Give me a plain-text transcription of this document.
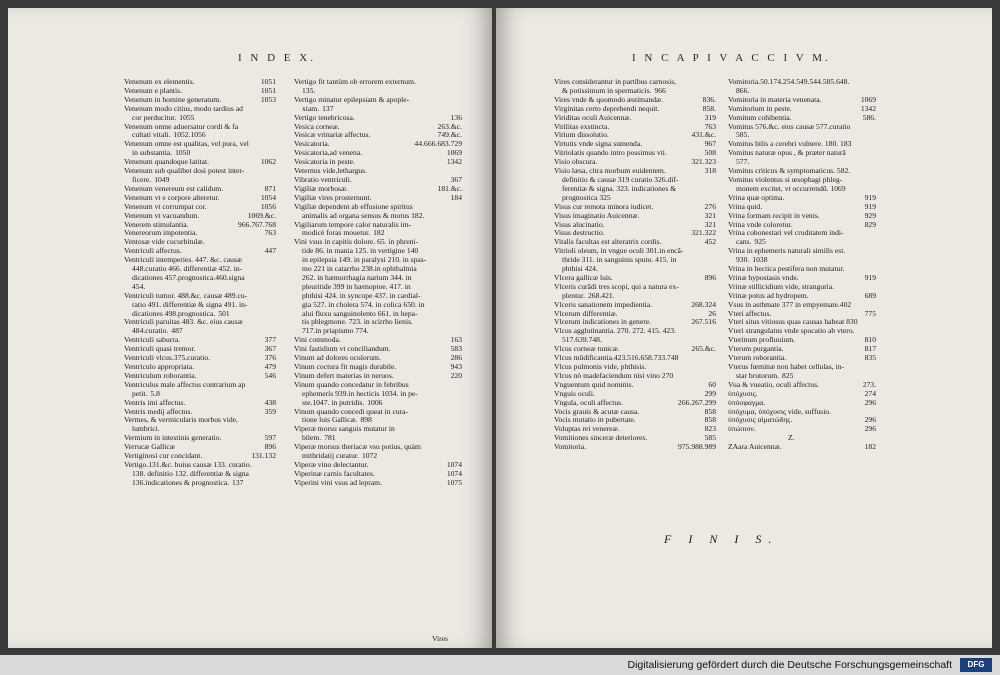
I N D E X.
Venenum ex elementis.	1051
Venenum e plantis.	1051
Venenum in homine generatum.	1053
Venenum modo citius, modo tardius ad
cor perducitur. 1055
Venenum omne aduersatur cordi & fa
cultati vitali. 1052.1056
Venenum omne est qualitas, vel pura, vel
in substantia. 1050
Venenum quandoque latitat.	1062
Venenum sub qualibet dosi potest inter-
ficere. 1049
Venenum venereum est calidum.	871
Venenum vt e corpore alteretur.	1054
Venenum vt corrumpat cor.	1056
Venenum vt vacuandum.	1069.&c.
Venerem stimulantia.	966.767.768
Venereorum impotentia.	763
Ventosæ vide cucurbitulæ.
Ventriculi affectus.	447
Ventriculi intemperies. 447. &c. causæ
448.curatio 466. differentiæ 452. in-
dicationes 457.prognostica.460.signa
454.
Ventriculi tumor. 488.&c. causæ 489.cu-
ratio 491. differentiæ & signa 491. in-
dicationes 498.prognostica. 501
Ventriculi paruitas 483. &c. eius causæ
484.curatio. 487
Ventriculi saburra.	377
Ventriculi quasi tremor.	367
Ventriculi vlcus.375.curatio.	376
Ventriculo appropriata.	479
Ventriculum roborantia.	546
Ventriculus male affectus contrarium ap
petit. 5.8
Ventris imi affectus.	438
Ventris medij affectus.	359
Vermes, & vermicularis morbus vide,
lumbrici.
Vermium in intestinis generatio.	597
Verrucæ Gallicæ	896
Vertiginosi cur concidant.	131.132
Vertigo.131.&c. huius causæ 133. curatio.
138. definitio 132. differentiæ & signa
136.indicationes & prognostica. 137
Vertigo fit tantùm ob errorem externum.
135.
Vertigo minatur epilepsiam & apople-
xiam. 137
Vertigo tenebricosa.	136
Vesica corneæ.	263.&c.
Vesicæ vrinariæ affectus.	749.&c.
Vesicatoria.	44.666.683.729
Vesicatoria,ad venena.	1069
Vesicatoria in peste.	1342
Veternus vide,lethargus.
Vibratio ventriculi.	367
Vigiliæ morbosæ.	181.&c.
Vigiliæ vires prosternunt.	184
Vigiliæ dependent ab effusione spiritus
animalis ad organa sensus & motus 182.
Vigiliarum tempore calor naturalis im-
modicè foras mouetur. 182
Vini vsus in capitis dolore. 65. in phreni-
tide 86. in mania 125. in vertigine 140
in epilepsia 149. in paralysi 210. in spas-
mo 221 in catarrho 238.in ophthalmia
262. in hæmorrhagia narium 344. in
pleuritide 399 in hæmoptoe. 417. in
phthisi 424. in syncope 437. in cardial-
gia 527. in cholera 574. in colica 650. in
alui fluxu sanguinolento 661. in hepa-
tis phlegmone. 723. in scirrho lienis.
717.in priapismo 774.
Vini commoda.	163
Vini fastidium vt conciliandum.	583
Vinum ad dolores oculorum.	286
Vinum coctura fit magis durabile.	943
Vinum defert materias in neruos.	220
Vinum quando concedatur in febribus
ephemeris 939.in hecticis 1034. in pe-
ste.1047. in putridis. 1006
Vinum quando concedi queat in cura-
tione luis Gallicæ. 898
Viperæ morsu sanguis mutatur in
bilem. 781
Viperæ morsus theriacæ vsu potius, quàm
mithridatij curatur. 1072
Viperæ vino delectantur.	1074
Viperinæ carnis facultates.	1074
Viperini vini vsus ad lepram.	1075
Vires
I N C A P I V A C C I V M.
Vires considerantur in partibus carnosis,
& potissimum in spermaticis. 966
Vires vnde & quomodo æstimandæ.	836.
Virginitas certo deprehendi nequit.	858.
Viriditas oculi Auicennæ.	319
Virilitas exstincta.	763
Virium dissolutio.	431.&c.
Virtutis vnde signa sumenda.	967
Vitriolatis quando intro possimus vti.	508
Visio obscura.	321.323
Visio læsa, citra morbum euidentem.	318
definitio & causæ 319 curatio 326.dif-
ferentiæ & signa. 323. indicationes &
prognostica 325
Visus cur remota minora iudicet.	276
Visus imaginatio Auicennæ.	321
Visus alucinatio.	321
Visus destructio.	321.322
Vitalis facultas est alteratrix cordis.	452
Vitrioli oleum, in vngue oculi 301.in encā-
thride 311. in sanguinis sputo. 415. in
phthisi 424.
Vlcera gallicæ luis.	896
Vlceris curādi tres scopi, qui a natura ex-
plentur. 268.421.
Vlceris sanationem impedientia.	268.324
Vlcerum differentiæ.	26
Vlcerum indicationes in genere.	267.516
Vlcus agglutinantia. 270. 272. 415. 423.
517.639.748.
Vlcus corneæ tunicæ.	265.&c.
Vlcus mūdificantia.423.516.658.733.748
Vlcus pulmonis vide, phthisis.
Vlcus nò madefaciendum nisi vino 270
Vnguentum quid nominis.	60
Vnguis oculi.	299
Vngula, oculi affectus.	266.267.299
Vocis grauis & acutæ causa.	858
Vocis mutatio in pubertate.	858
Voluptas rei venereæ.	823
Vomitiones sinceræ deteriores.	585
Vomitoria.	975.988.989
Vomitoria.50.174.254.549.544.585.648.
866.
Vomitoria in materia venenata.	1069
Vomitorium in peste.	1342
Vomitum cohibentia.	586.
Vomitus 576.&c. eius causæ 577.curatio
585.
Vomitus bilis a cerebri vulnere. 180. 183
Vomitus naturæ opus , & præter naturā
577.
Vomitus criticus & symptomaticus. 582.
Vomitus violentus si œsophagi phleg-
monem excitet, vt occurrendū. 1069
Vrina quæ optima.	919
Vrina quid.	919
Vrina formam recipit in venis.	929
Vrina vnde coloretur.	829
Vrina cohonestari vel cruditatem indi-
cans. 925
Vrina in ephemeris naturali similis est.
930. 1038
Vrina in hectica pestifera non mutatur.
Vrinæ hypostasis vnde.	919
Vrinæ stillicidium vide, stranguria.
Vrinæ potus ad hydropem.	689
Vsus in asthmate 377 in empyemate.402
Vteri affectus.	775
Vteri situs vitiosus quas causas habeat 830
Vteri strangulatus vnde spocatio ab vtero.
Vterinum profluuium.	810
Vterum purgantia.	817
Vterum roborantia.	835
Vterus fœminæ non habet cellulas, in-
star brutorum. 825
Vua & vueatio, oculi affectus.	273.
ὑπόχυσις.	274
ὑπόσφαγμα.	296
ὑπόχυμα, ὑπόχυσις vide, suffusio.
ὑπόχυσις αἱματώδης.	296
ὑπώπιον.	296
Z.
ZAara Auicennæ.	182
F I N I S.
Digitalisierung gefördert durch die Deutsche Forschungsgemeinschaft	DFG
